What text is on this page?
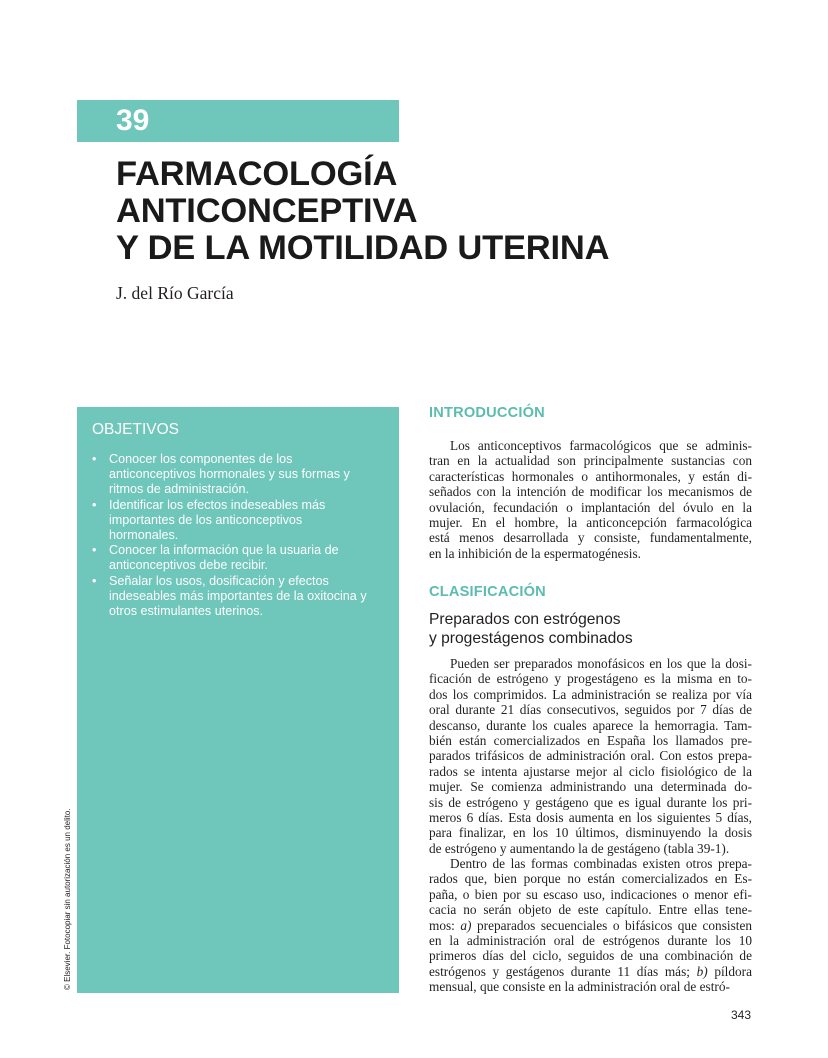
39
FARMACOLOGÍA
ANTICONCEPTIVA
Y DE LA MOTILIDAD UTERINA
J. del Río García
OBJETIVOS
• Conocer los componentes de los
anticonceptivos hormonales y sus formas y
ritmos de administración.
• Identificar los efectos indeseables más
importantes de los anticonceptivos
hormonales.
• Conocer la información que la usuaria de
anticonceptivos debe recibir.
• Señalar los usos, dosificación y efectos
indeseables más importantes de la oxitocina y
otros estimulantes uterinos.
© Elsevier. Fotocopiar sin autorización es un delito.
INTRODUCCIÓN
Los anticonceptivos farmacológicos que se adminis-
tran en la actualidad son principalmente sustancias con
características hormonales o antihormonales, y están di-
señados con la intención de modificar los mecanismos de
ovulación, fecundación o implantación del óvulo en la
mujer. En el hombre, la anticoncepción farmacológica
está menos desarrollada y consiste, fundamentalmente,
en la inhibición de la espermatogénesis.
CLASIFICACIÓN
Preparados con estrógenos
y progestágenos combinados
Pueden ser preparados monofásicos en los que la dosi-
ficación de estrógeno y progestágeno es la misma en to-
dos los comprimidos. La administración se realiza por vía
oral durante 21 días consecutivos, seguidos por 7 días de
descanso, durante los cuales aparece la hemorragia. Tam-
bién están comercializados en España los llamados pre-
parados trifásicos de administración oral. Con estos prepa-
rados se intenta ajustarse mejor al ciclo fisiológico de la
mujer. Se comienza administrando una determinada do-
sis de estrógeno y gestágeno que es igual durante los pri-
meros 6 días. Esta dosis aumenta en los siguientes 5 días,
para finalizar, en los 10 últimos, disminuyendo la dosis
de estrógeno y aumentando la de gestágeno (tabla 39-1).
Dentro de las formas combinadas existen otros prepa-
rados que, bien porque no están comercializados en Es-
paña, o bien por su escaso uso, indicaciones o menor efi-
cacia no serán objeto de este capítulo. Entre ellas tene-
mos: a) preparados secuenciales o bifásicos que consisten
en la administración oral de estrógenos durante los 10
primeros días del ciclo, seguidos de una combinación de
estrógenos y gestágenos durante 11 días más; b) píldora
mensual, que consiste en la administración oral de estró-
343
